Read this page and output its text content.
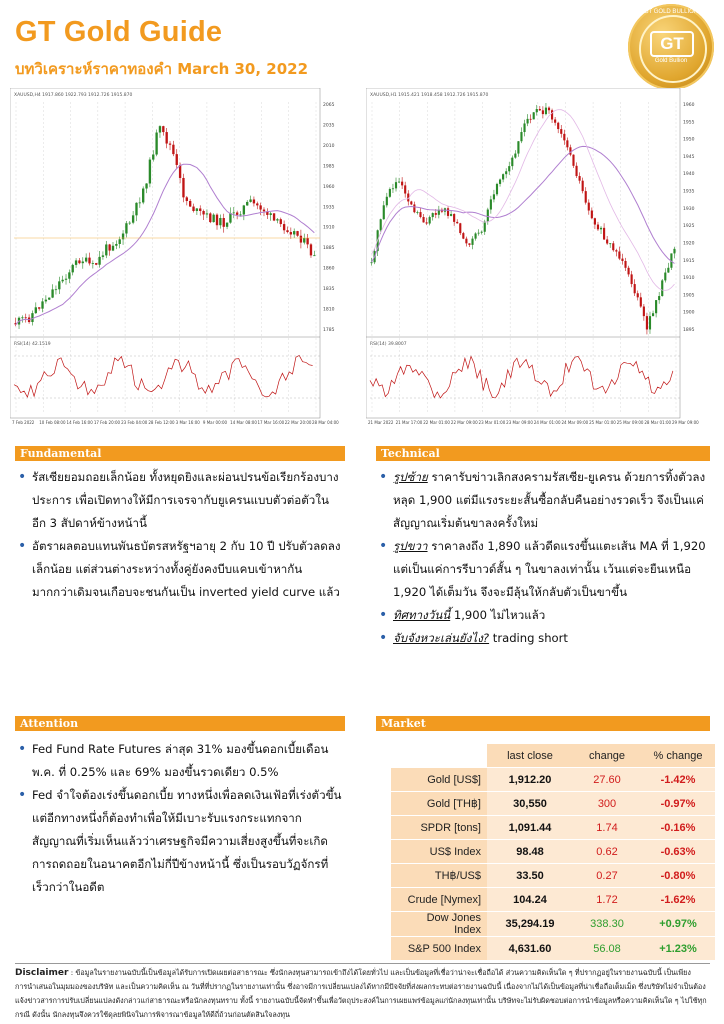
GT Gold Guide
บทวิเคราะห์ราคาทองคำ March 30, 2022
GT GOLD BULLION
GT
Gold Bullion
XAUUSD,H4 1917.860 1922.793 1912.726 1915.870
RSI(14) 42.1519
2065
2035
2010
1985
1960
1935
1910
1885
1860
1835
1810
1785
7 Feb 2022 10 Feb 08:00 14 Feb 16:00 17 Feb 20:00 23 Feb 04:00 28 Feb 12:00 3 Mar 16:00 9 Mar 00:00 14 Mar 08:00 17 Mar 16:00 22 Mar 20:00 28 Mar 04:00
XAUUSD,H1 1915.421 1918.458 1912.726 1915.870
RSI(14) 39.8007
1960
1955
1950
1945
1940
1935
1930
1925
1920
1915
1910
1905
1900
1895
21 Mar 2022 21 Mar 17:00 22 Mar 01:00 22 Mar 09:00 23 Mar 01:00 23 Mar 09:00 24 Mar 01:00 24 Mar 09:00 25 Mar 01:00 25 Mar 09:00 28 Mar 01:00 29 Mar 09:00
Fundamental	Technical
• รัสเซียยอมถอยเล็กน้อย ทั้งหยุดยิงและผ่อนปรนข้อเรียกร้องบางประการ เพื่อเปิดทางให้มีการเจรจากับยูเครนแบบตัวต่อตัวในอีก 3 สัปดาห์ข้างหน้านี้
• อัตราผลตอบแทนพันธบัตรสหรัฐฯอายุ 2 กับ 10 ปี ปรับตัวลดลงเล็กน้อย แต่ส่วนต่างระหว่างทั้งคู่ยังคงบีบแคบเข้าหากันมากกว่าเดิมจนเกือบจะชนกันเป็น inverted yield curve แล้ว
• รูปซ้าย ราคารับข่าวเลิกสงครามรัสเซีย-ยูเครน ด้วยการทิ้งตัวลงหลุด 1,900 แต่มีแรงระยะสั้นซื้อกลับคืนอย่างรวดเร็ว จึงเป็นแค่สัญญาณเริ่มต้นขาลงครั้งใหม่
• รูปขวา ราคาลงถึง 1,890 แล้วดีดแรงขึ้นแตะเส้น MA ที่ 1,920 แต่เป็นแค่การรีบาวด์สั้น ๆ ในขาลงเท่านั้น เว้นแต่จะยืนเหนือ 1,920 ได้เต็มวัน จึงจะมีลุ้นให้กลับตัวเป็นขาขึ้น
• ทิศทางวันนี้ 1,900 ไม่ไหวแล้ว
• จับจังหวะเล่นยังไง? trading short
Attention	Market
• Fed Fund Rate Futures ล่าสุด 31% มองขึ้นดอกเบี้ยเดือน พ.ค. ที่ 0.25% และ 69% มองขึ้นรวดเดียว 0.5%
• Fed จำใจต้องเร่งขึ้นดอกเบี้ย ทางหนึ่งเพื่อลดเงินเฟ้อที่เร่งตัวขึ้น แต่อีกทางหนึ่งก็ต้องทำเพื่อให้มีเบาะรับแรงกระแทกจากสัญญาณที่เริ่มเห็นแล้วว่าเศรษฐกิจมีความเสี่ยงสูงขึ้นที่จะเกิดการถดถอยในอนาคตอีกไม่กี่ปีข้างหน้านี้ ซึ่งเป็นรอบวัฏจักรที่เร็วกว่าในอดีต
	last close	change	% change
Gold [US$]	1,912.20	27.60	-1.42%
Gold [TH฿]	30,550	300	-0.97%
SPDR [tons]	1,091.44	1.74	-0.16%
US$ Index	98.48	0.62	-0.63%
TH฿/US$	33.50	0.27	-0.80%
Crude [Nymex]	104.24	1.72	-1.62%
Dow Jones Index	35,294.19	338.30	+0.97%
S&P 500 Index	4,631.60	56.08	+1.23%
Disclaimer : ข้อมูลในรายงานฉบับนี้เป็นข้อมูลได้รับการเปิดเผยต่อสาธารณะ ซึ่งนักลงทุนสามารถเข้าถึงได้โดยทั่วไป และเป็นข้อมูลที่เชื่อว่าน่าจะเชื่อถือได้ ส่วนความคิดเห็นใด ๆ ที่ปรากฏอยู่ในรายงานฉบับนี้ เป็นเพียงการนำเสนอในมุมมองของบริษัท และเป็นความคิดเห็น ณ วันที่ที่ปรากฏในรายงานเท่านั้น ซึ่งอาจมีการเปลี่ยนแปลงได้หากมีปัจจัยที่ส่งผลกระทบต่อรายงานฉบับนี้ เนื่องจากไม่ได้เป็นข้อมูลที่น่าเชื่อถือเต็มเม็ด ซึ่งบริษัทไม่จำเป็นต้องแจ้งข่าวสารการปรับเปลี่ยนแปลงดังกล่าวแก่สาธารณะหรือนักลงทุนทราบ ทั้งนี้ รายงานฉบับนี้จัดทำขึ้นเพื่อวัตถุประสงค์ในการเผยแพร่ข้อมูลแก่นักลงทุนเท่านั้น บริษัทจะไม่รับผิดชอบต่อการนำข้อมูลหรือความคิดเห็นใด ๆ ไปใช้ทุกกรณี ดังนั้น นักลงทุนจึงควรใช้ดุลยพินิจในการพิจารณาข้อมูลให้ดีถี่ถ้วนก่อนตัดสินใจลงทุน
